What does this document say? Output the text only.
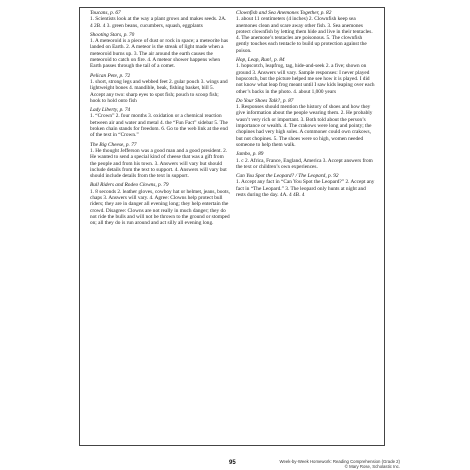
Toucans, p. 67
1. Scientists look at the way a plant grows and makes seeds. 2A. 4 2B. 4 3. green beans, cucumbers, squash, eggplants
Shooting Stars, p. 70
1. A meteoroid is a piece of dust or rock in space; a meteorite has landed on Earth. 2. A meteor is the streak of light made when a meteoroid burns up. 3. The air around the earth causes the meteoroid to catch on fire. 4. A meteor shower happens when Earth passes through the tail of a comet.
Pelican Pete, p. 72
1. short, strong legs and webbed feet 2. gular pouch 3. wings and lightweight bones 4. mandible, beak, fishing basket, bill 5. Accept any two: sharp eyes to spot fish; pouch to scoop fish; hook to hold onto fish
Lady Liberty, p. 74
1. “Crown” 2. four months 3. oxidation or a chemical reaction between air and water and metal 4. the “Fun Fact” sidebar 5. The broken chain stands for freedom. 6. Go to the web link at the end of the text in “Crown.”
The Big Cheese, p. 77
1. He thought Jefferson was a good man and a good president. 2. He wanted to send a special kind of cheese that was a gift from the people and from his town. 3. Answers will vary but should include details from the text to support. 4. Answers will vary but should include details from the text in support.
Bull Riders and Rodeo Clowns, p. 79
1. 8 seconds 2. leather gloves, cowboy hat or helmet, jeans, boots, chaps 3. Answers will vary. 4. Agree: Clowns help protect bull riders; they are in danger all evening long; they help entertain the crowd. Disagree: Clowns are not really in much danger; they do not ride the bulls and will not be thrown to the ground or stomped on; all they do is run around and act silly all evening long.
Clownfish and Sea Anemones Together, p. 82
1. about 11 centimeters (4 inches) 2. Clownfish keep sea anemones clean and scare away other fish. 3. Sea anemones protect clownfish by letting them hide and live in their tentacles. 4. The anemone’s tentacles are poisonous. 5. The clownfish gently touches each tentacle to build up protection against the poison.
Hop, Leap, Run!, p. 84
1. hopscotch, leapfrog, tag, hide-and-seek 2. a five; shown on ground 3. Answers will vary. Sample responses: I never played hopscotch, but the picture helped me see how it is played. I did not know what leap frog meant until I saw kids leaping over each other’s backs in the photo. 4. about 1,000 years
Do Your Shoes Talk?, p. 87
1. Responses should mention the history of shoes and how they give information about the people wearing them. 2. He probably wasn’t very rich or important. 3. Both told about the person’s importance or wealth. 4. The crakows were long and pointy; the chopines had very high soles. A commoner could own crakows, but not chopines. 5. The shoes were so high, women needed someone to help them walk.
Jambo, p. 89
1. c 2. Africa, France, England, America 3. Accept answers from the text or children’s own experiences.
Can You Spot the Leopard? / The Leopard, p. 92
1. Accept any fact in “Can You Spot the Leopard?” 2. Accept any fact in “The Leopard.” 3. The leopard only hunts at night and rests during the day. 4A. 4 4B. 4
95	Week-by-Week Homework: Reading Comprehension (Grade 2)
© Mary Rose, Scholastic Inc.
